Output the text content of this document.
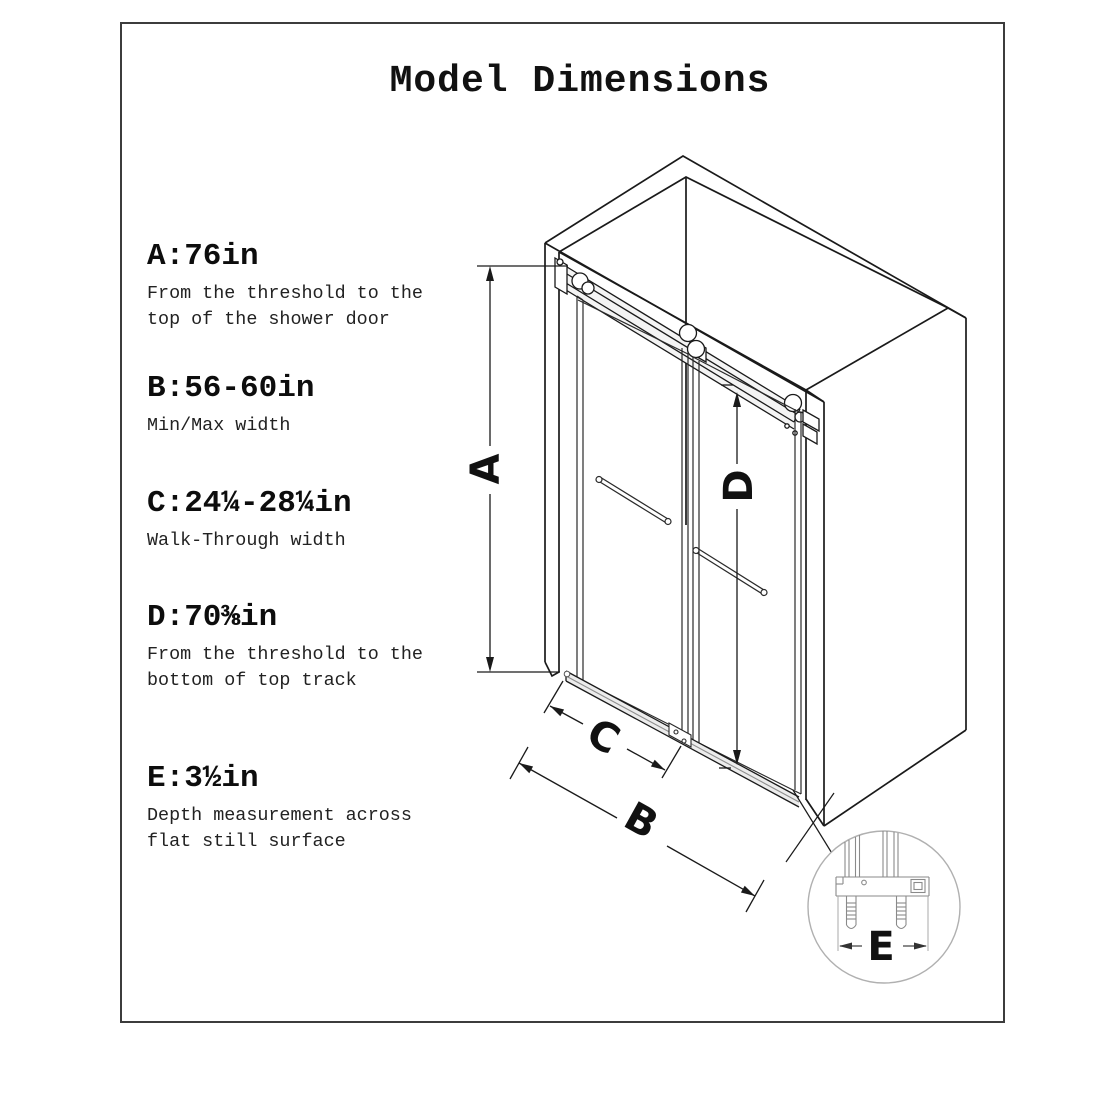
Model Dimensions
A:76in
From the threshold to the
top of the shower door
B:56-60in
Min/Max width
C:24¼-28¼in
Walk-Through width
D:70⅜in
From the threshold to the
bottom of top track
E:3½in
Depth measurement across
flat still surface
A
D
C
B
E
